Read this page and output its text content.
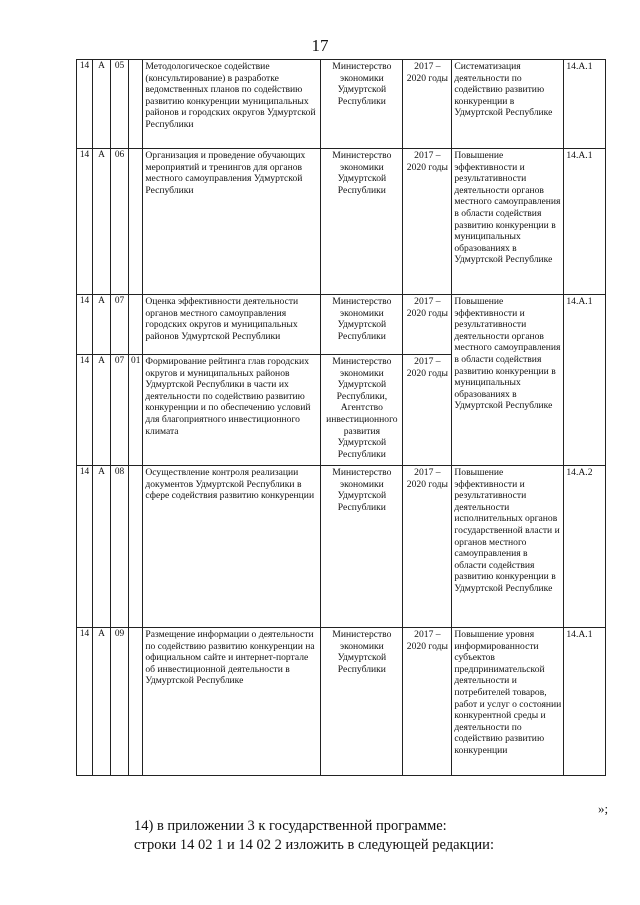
17
14	A	05		Методологическое содействие (консультирование) в разработке ведомственных планов по содействию развитию конкуренции муниципальных районов и городских округов Удмуртской Республики	Министерство экономики Удмуртской Республики	2017 – 2020 годы	Систематизация деятельности по содействию развитию конкуренции в Удмуртской Республике	14.A.1
14	A	06		Организация и проведение обучающих мероприятий и тренингов для органов местного самоуправления Удмуртской Республики	Министерство экономики Удмуртской Республики	2017 – 2020 годы	Повышение эффективности и результативности деятельности органов местного самоуправления в области содействия развитию конкуренции в муниципальных образованиях в Удмуртской Республике	14.A.1
14	A	07		Оценка эффективности деятельности органов местного самоуправления городских округов и муниципальных районов Удмуртской Республики	Министерство экономики Удмуртской Республики	2017 – 2020 годы	Повышение эффективности и результативности деятельности органов местного самоуправления в области содействия развитию конкуренции в муниципальных образованиях в Удмуртской Республике	14.A.1
14	A	07	01	Формирование рейтинга глав городских округов и муниципальных районов Удмуртской Республики в части их деятельности по содействию развитию конкуренции и по обеспечению условий для благоприятного инвестиционного климата	Министерство экономики Удмуртской Республики, Агентство инвестиционного развития Удмуртской Республики	2017 – 2020 годы		
14	A	08		Осуществление контроля реализации документов Удмуртской Республики в сфере содействия развитию конкуренции	Министерство экономики Удмуртской Республики	2017 – 2020 годы	Повышение эффективности и результативности деятельности исполнительных органов государственной власти и органов местного самоуправления в области содействия развитию конкуренции в Удмуртской Республике	14.A.2
14	A	09		Размещение информации о деятельности по содействию развитию конкуренции на официальном сайте и интернет-портале об инвестиционной деятельности в Удмуртской Республике	Министерство экономики Удмуртской Республики	2017 – 2020 годы	Повышение уровня информированности субъектов предпринимательской деятельности и потребителей товаров, работ и услуг о состоянии конкурентной среды и деятельности по содействию развитию конкуренции	14.A.1
»;
14) в приложении 3 к государственной программе:
строки 14 02 1 и 14 02 2 изложить в следующей редакции:
